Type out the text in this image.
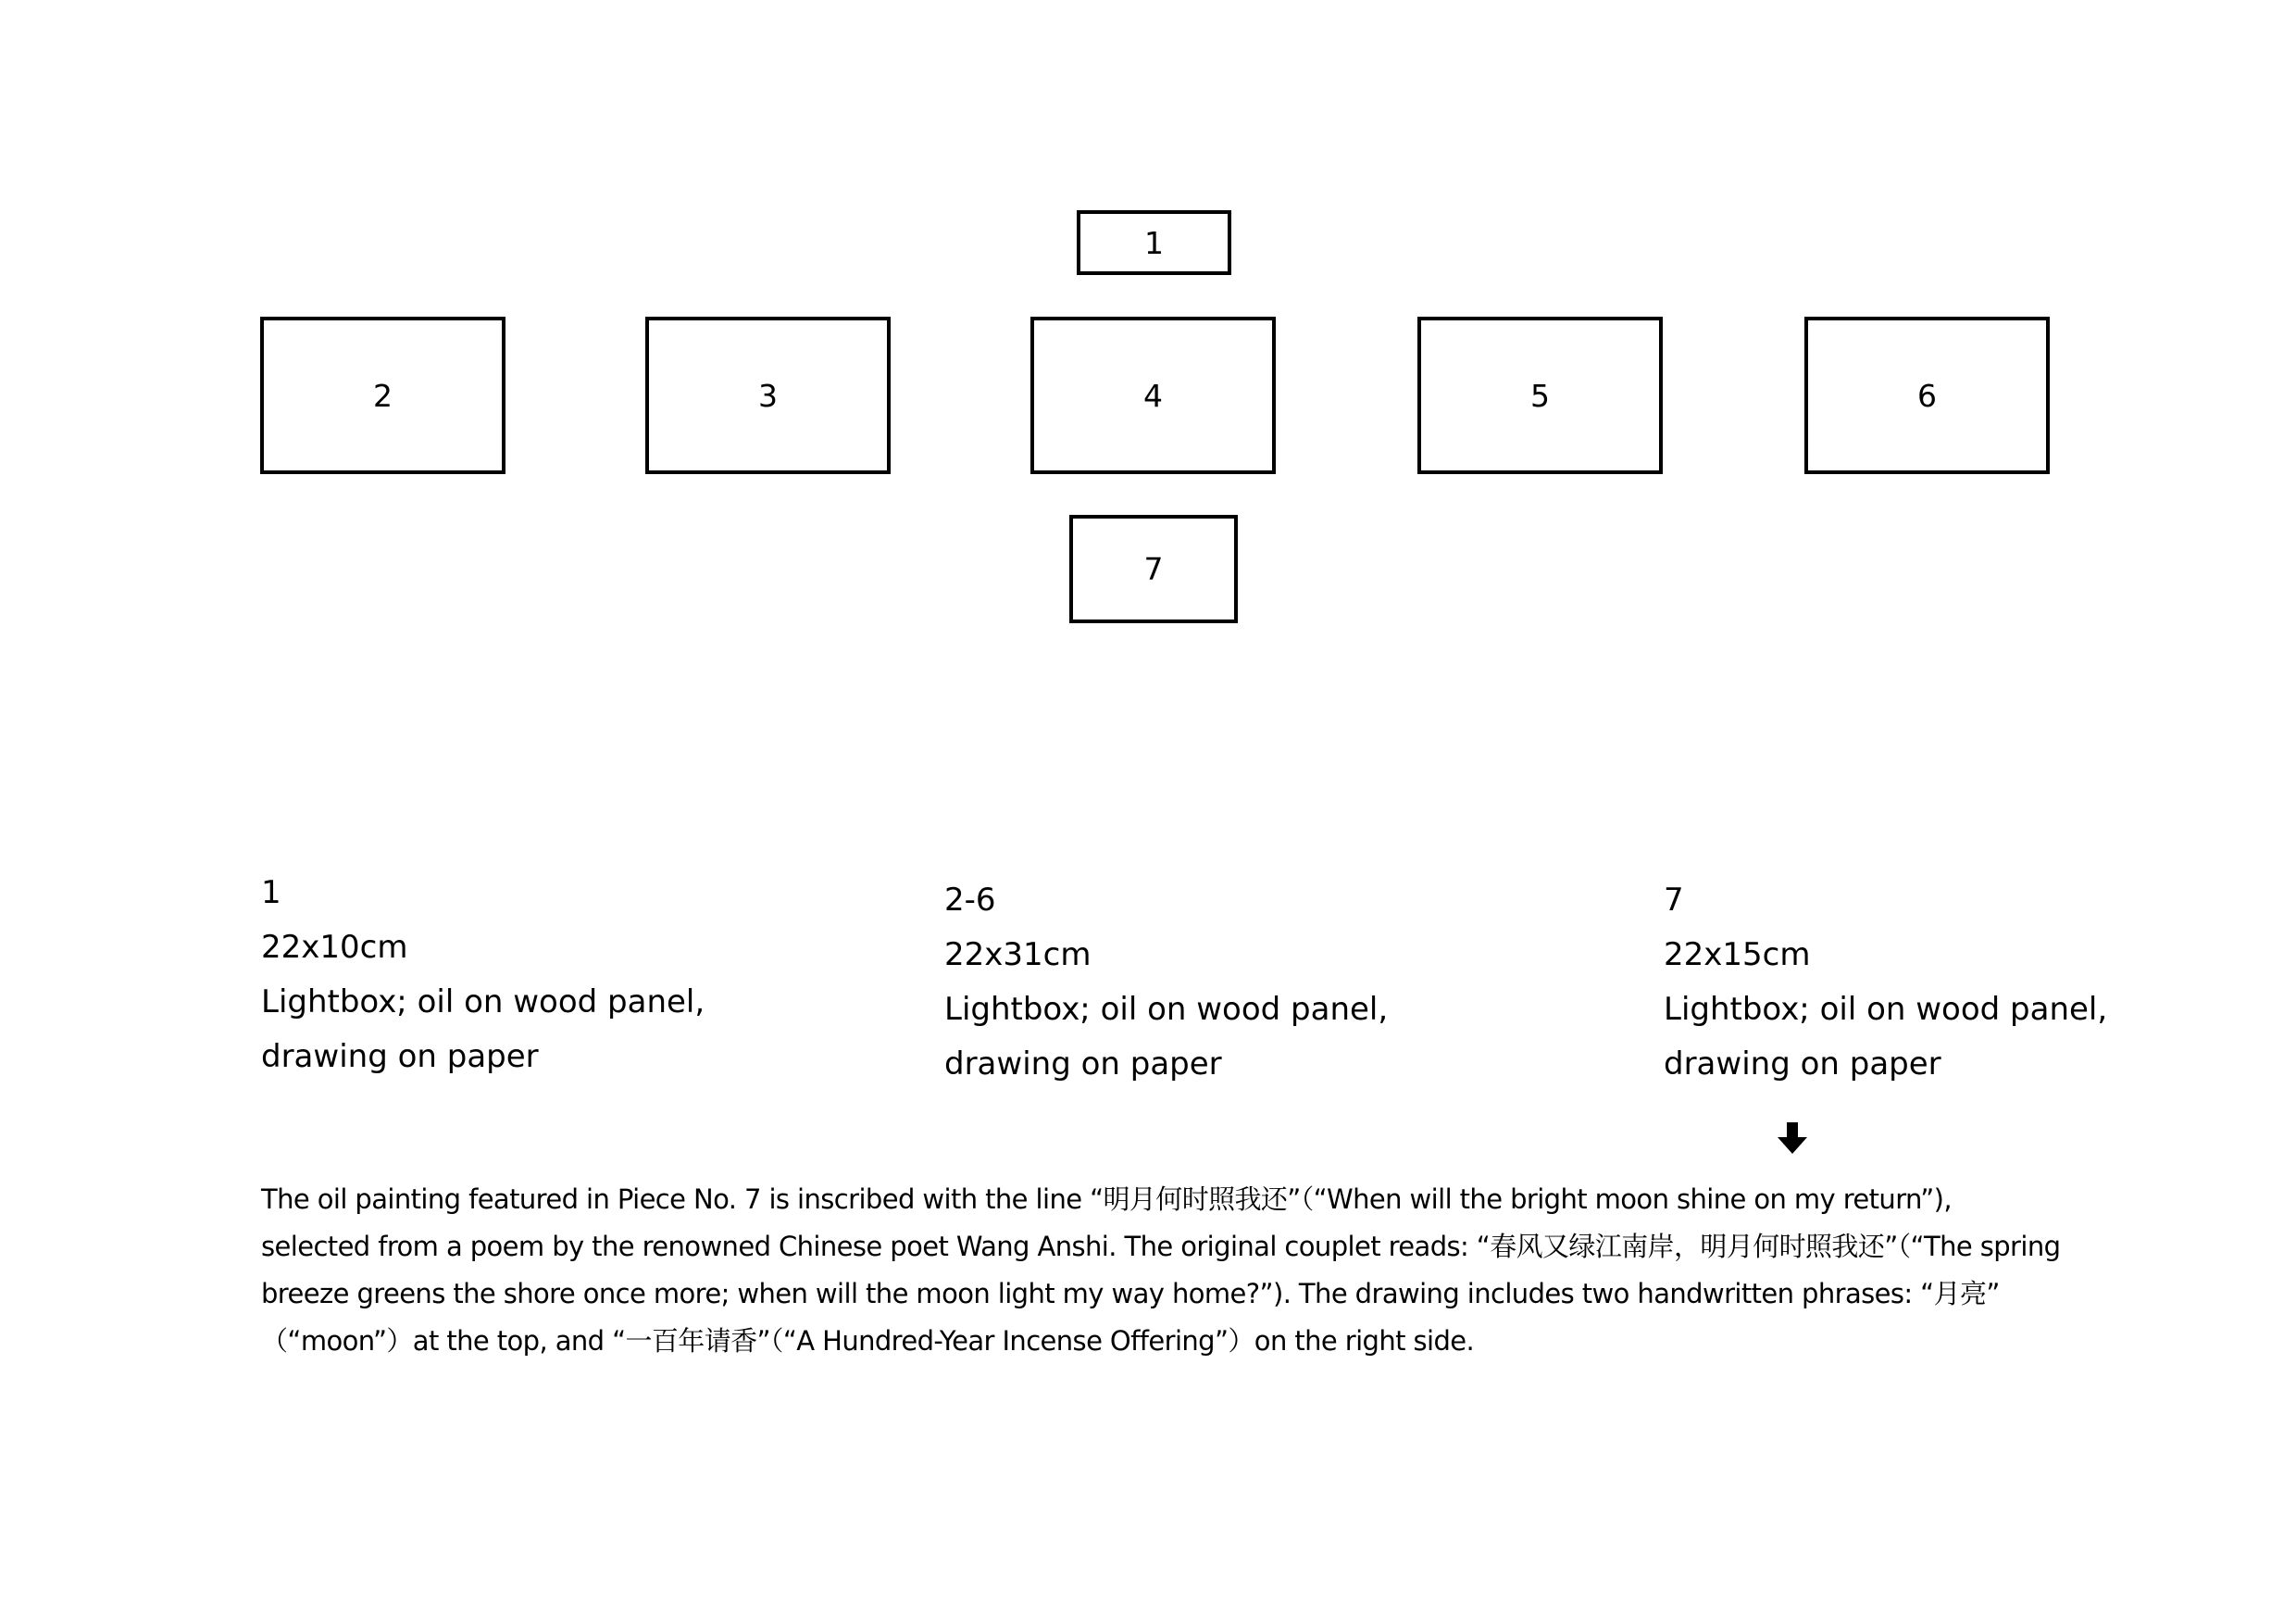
1
2	3	4	5	6
7
1
22x10cm
Lightbox; oil on wood panel,
drawing on paper
2-6
22x31cm
Lightbox; oil on wood panel,
drawing on paper
7
22x15cm
Lightbox; oil on wood panel,
drawing on paper

The oil painting featured in Piece No. 7 is inscribed with the line “明月何时照我还”（“When will the bright moon shine on my return”),

selected from a poem by the renowned Chinese poet Wang Anshi. The original couplet reads: “春风又绿江南岸，明月何时照我还”（“The spring

breeze greens the shore once more; when will the moon light my way home?”). The drawing includes two handwritten phrases: “月亮”

（“moon”）at the top, and “一百年请香”（“A Hundred-Year Incense Offering”）on the right side.
